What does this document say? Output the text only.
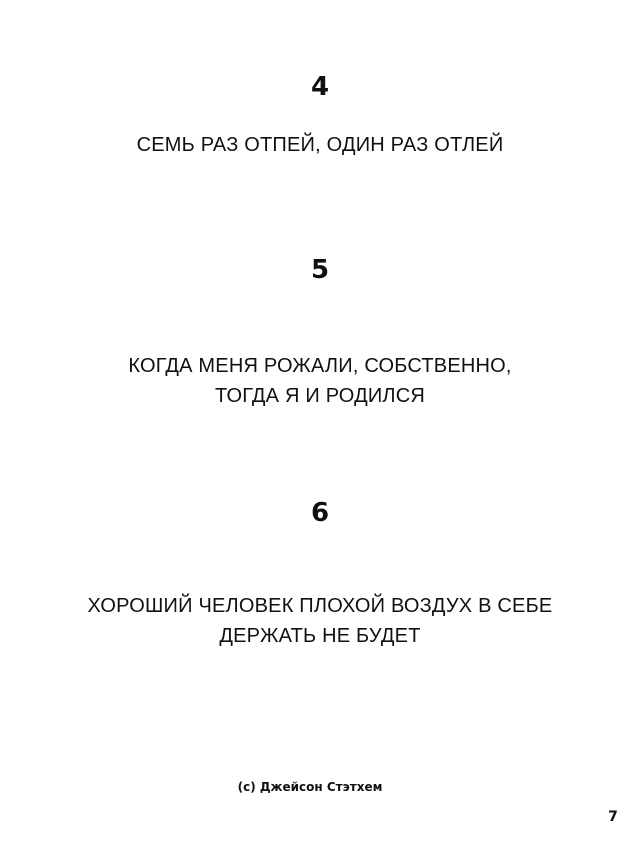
4
СЕМЬ РАЗ ОТПЕЙ, ОДИН РАЗ ОТЛЕЙ
5
КОГДА МЕНЯ РОЖАЛИ, СОБСТВЕННО,
ТОГДА Я И РОДИЛСЯ
6
ХОРОШИЙ ЧЕЛОВЕК ПЛОХОЙ ВОЗДУХ В СЕБЕ
ДЕРЖАТЬ НЕ БУДЕТ
(с) Джейсон Стэтхем
7
